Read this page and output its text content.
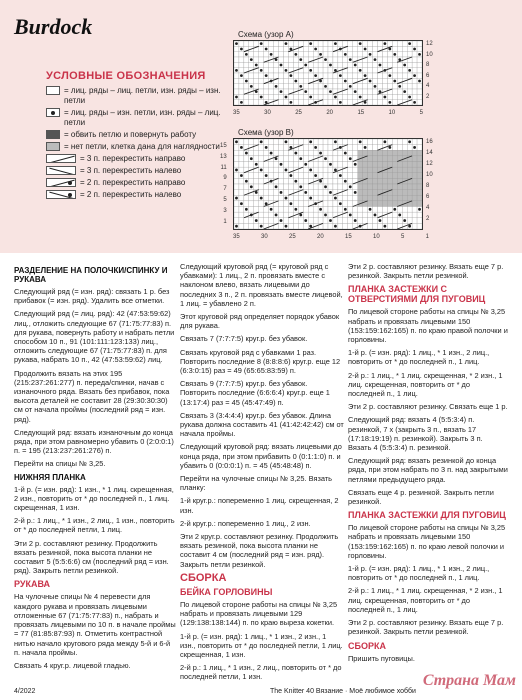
Burdock
УСЛОВНЫЕ ОБОЗНАЧЕНИЯ
= лиц. ряды – лиц. петли, изн. ряды – изн. петли
= лиц. ряды – изн. петли, изн. ряды – лиц. петли
= обвить петлю и повернуть работу
= нет петли, клетка дана для наглядности
= 3 п. перекрестить направо
= 3 п. перекрестить налево
= 2 п. перекрестить направо
= 2 п. перекрестить налево
Схема (узор А)
12
10
8
6
4
2
35	30	25	20	15	10	5
Схема (узор В)
15
13
11
9
7
5
3
1
16
14
12
10
8
6
4
2
35	30	25	20	15	10	5	1
РАЗДЕЛЕНИЕ НА ПОЛОЧКИ/СПИНКУ И РУКАВА

Следующий ряд (= изн. ряд): связать 1 р. без прибавок (= изн. ряд). Удалить все отметки.

Следующий ряд (= лиц. ряд): 42 (47:53:59:62) лиц., отложить следующие 67 (71:75:77:83) п. для рукава, повернуть работу и набрать петли способом 10 п., 91 (101:111:123:133) лиц., отложить следующие 67 (71:75:77:83) п. для рукава, набрать 10 п., 42 (47:53:59:62) лиц.

Продолжить вязать на этих 195 (215:237:261:277) п. переда/спинки, начав с изнаночного ряда. Вязать без прибавок, пока высота деталей не составит 28 (29:30:30:30) см от начала проймы (последний ряд = изн. ряд).

Следующий ряд: вязать изнаночным до конца ряда, при этом равномерно убавить 0 (2:0:0:1) п. = 195 (213:237:261:276) п.

Перейти на спицы № 3,25.

НИЖНЯЯ ПЛАНКА

1-й р. (= изн. ряд): 1 изн., * 1 лиц. скрещенная, 2 изн., повторить от * до последней п., 1 лиц. скрещенная, 1 изн.

2-й р.: 1 лиц., * 1 изн., 2 лиц., 1 изн., повторить от * до последней петли, 1 лиц.

Эти 2 р. составляют резинку. Продолжить вязать резинкой, пока высота планки не составит 5 (5:5:6:6) см (последний ряд = изн. ряд). Закрыть петли резинкой.

РУКАВА

На чулочные спицы № 4 перевести для каждого рукава и провязать лицевыми отложенные 67 (71:75:77:83) п., набрать и провязать лицевыми по 10 п. в начале проймы = 77 (81:85:87:93) п. Отметить контрастной нитью начало кругового ряда между 5-й и 6-й п. начала проймы.

Связать 4 круг.р. лицевой гладью.

Следующий круговой ряд (= круговой ряд с убавками): 1 лиц., 2 п. провязать вместе с наклоном влево, вязать лицевыми до последних 3 п., 2 п. провязать вместе лицевой, 1 лиц. = убавлено 2 п.

Этот круговой ряд определяет порядок убавок для рукава.

Связать 7 (7:7:7:5) круг.р. без убавок.

Связать круговой ряд с убавками 1 раз. Повторить последние 8 (8:8:8:6) круг.р. еще 12 (6:3:0:15) раз = 49 (65:65:83:59) п.

Связать 9 (7:7:7:5) круг.р. без убавок. Повторить последние (6:6:6:4) круг.р. еще 1 (13:17:4) раз = 45 (45:47:49) п.

Связать 3 (3:4:4:4) круг.р. без убавок. Длина рукава должна составить 41 (41:42:42:42) см от начала проймы.

Следующий круговой ряд: вязать лицевыми до конца ряда, при этом прибавить 0 (0:1:1:0) п. и убавить 0 (0:0:0:1) п. = 45 (45:48:48) п.

Перейти на чулочные спицы № 3,25. Вязать планку:

1-й круг.р.: попеременно 1 лиц. скрещенная, 2 изн.

2-й круг.р.: попеременно 1 лиц., 2 изн.

Эти 2 круг.р. составляют резинку. Продолжить вязать резинкой, пока высота планки не составит 4 см (последний ряд = изн. ряд). Закрыть петли резинкой.

СБОРКА
БЕЙКА ГОРЛОВИНЫ

По лицевой стороне работы на спицы № 3,25 набрать и провязать лицевыми 129 (129:138:138:144) п. по краю выреза кокетки.

1-й р. (= изн. ряд): 1 лиц., * 1 изн., 2 изн., 1 изн., повторить от * до последней петли, 1 лиц. скрещенная, 1 изн.

2-й р.: 1 лиц., * 1 изн., 2 лиц., повторить от * до последней петли, 1 изн.

Эти 2 р. составляют резинку. Вязать еще 7 р. резинкой. Закрыть петли резинкой.

ПЛАНКА ЗАСТЕЖКИ С ОТВЕРСТИЯМИ ДЛЯ ПУГОВИЦ

По лицевой стороне работы на спицы № 3,25 набрать и провязать лицевыми 150 (153:159:162:165) п. по краю правой полочки и горловины.

1-й р. (= изн. ряд): 1 лиц., * 1 изн., 2 лиц., повторить от * до последней п., 1 лиц.

2-й р.: 1 лиц., * 1 лиц. скрещенная, * 2 изн., 1 лиц. скрещенная, повторить от * до последней п., 1 лиц.

Эти 2 р. составляют резинку. Связать еще 1 р.

Следующий ряд: вязать 4 (5:5:3:4) п. резинкой, 7 х (закрыть 3 п., вязать 17 (17:18:19:19) п. резинкой). Закрыть 3 п. Вязать 4 (5:5:3:4) п. резинкой.

Следующий ряд: вязать резинкой до конца ряда, при этом набрать по 3 п. над закрытыми петлями предыдущего ряда.

Связать еще 4 р. резинкой. Закрыть петли резинкой.

ПЛАНКА ЗАСТЕЖКИ ДЛЯ ПУГОВИЦ

По лицевой стороне работы на спицы № 3,25 набрать и провязать лицевыми 150 (153:159:162:165) п. по краю левой полочки и горловины.

1-й р. (= изн. ряд): 1 лиц., * 1 изн., 2 лиц., повторить от * до последней п., 1 лиц.

2-й р.: 1 лиц., * 1 лиц. скрещенная, * 2 изн., 1 лиц. скрещенная, повторить от * до последней п., 1 лиц.

Эти 2 р. составляют резинку. Вязать еще 7 р. резинкой. Закрыть петли резинкой.

СБОРКА

Пришить пуговицы.

4/2022	The Knitter 40 Вязание · Моё любимое хобби
Страна Мам
